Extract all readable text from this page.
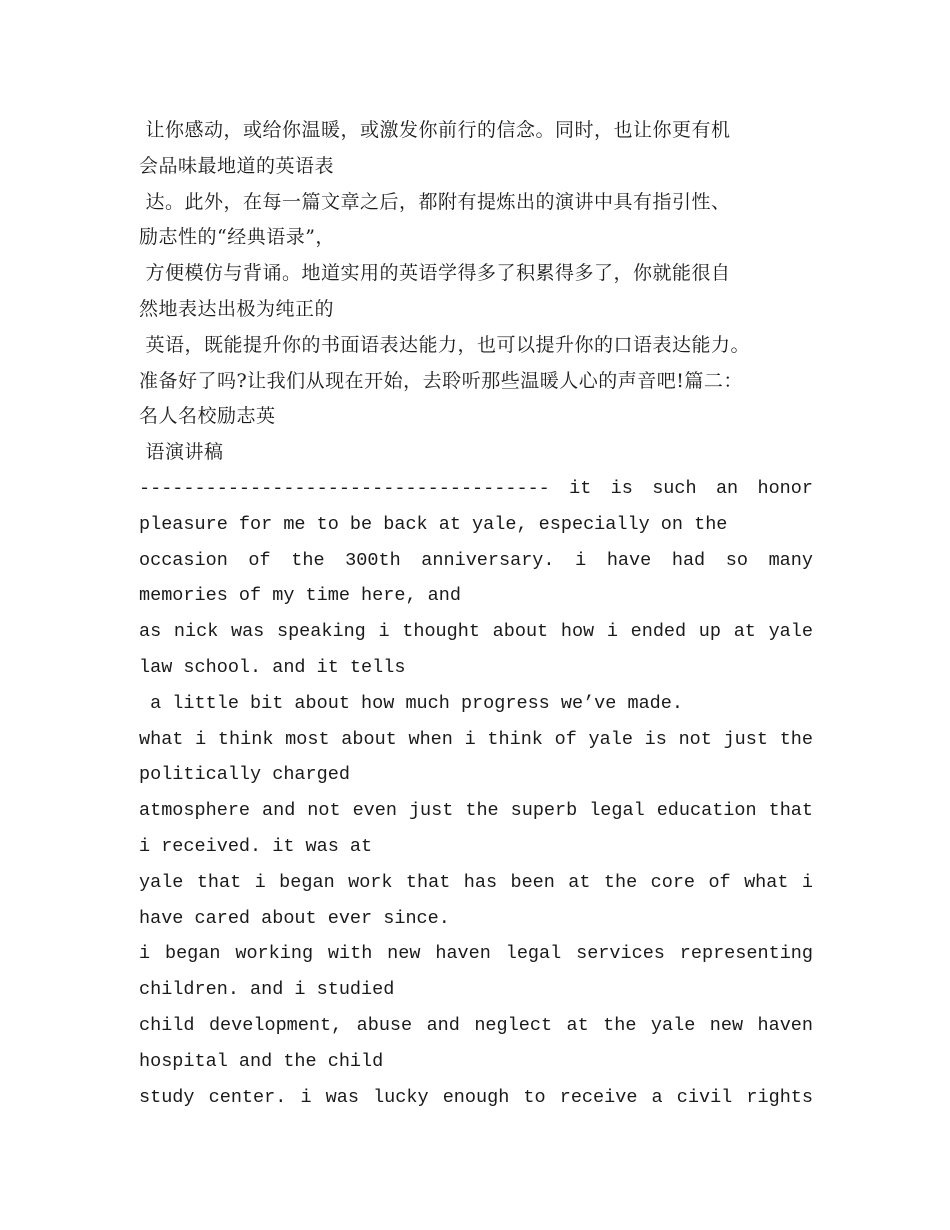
让你感动，或给你温暖，或激发你前行的信念。同时，也让你更有机
会品味最地道的英语表
达。此外，在每一篇文章之后，都附有提炼出的演讲中具有指引性、
励志性的“经典语录”，
方便模仿与背诵。地道实用的英语学得多了积累得多了，你就能很自
然地表达出极为纯正的
英语，既能提升你的书面语表达能力，也可以提升你的口语表达能力。
准备好了吗?让我们从现在开始，去聆听那些温暖人心的声音吧!篇二：
名人名校励志英
语演讲稿
------------------------------------- it is such an honor
pleasure for me to be back at yale, especially on the
occasion of the 300th anniversary. i have had so many
memories of my time here, and
as nick was speaking i thought about how i ended up at yale
law school. and it tells
a little bit about how much progress we’ve made.
what i think most about when i think of yale is not just the
politically charged
atmosphere and not even just the superb legal education that
i received. it was at
yale that i began work that has been at the core of what i
have cared about ever since.
i began working with new haven legal services representing
children. and i studied
child development, abuse and neglect at the yale new haven
hospital and the child
study center. i was lucky enough to receive a civil rights
